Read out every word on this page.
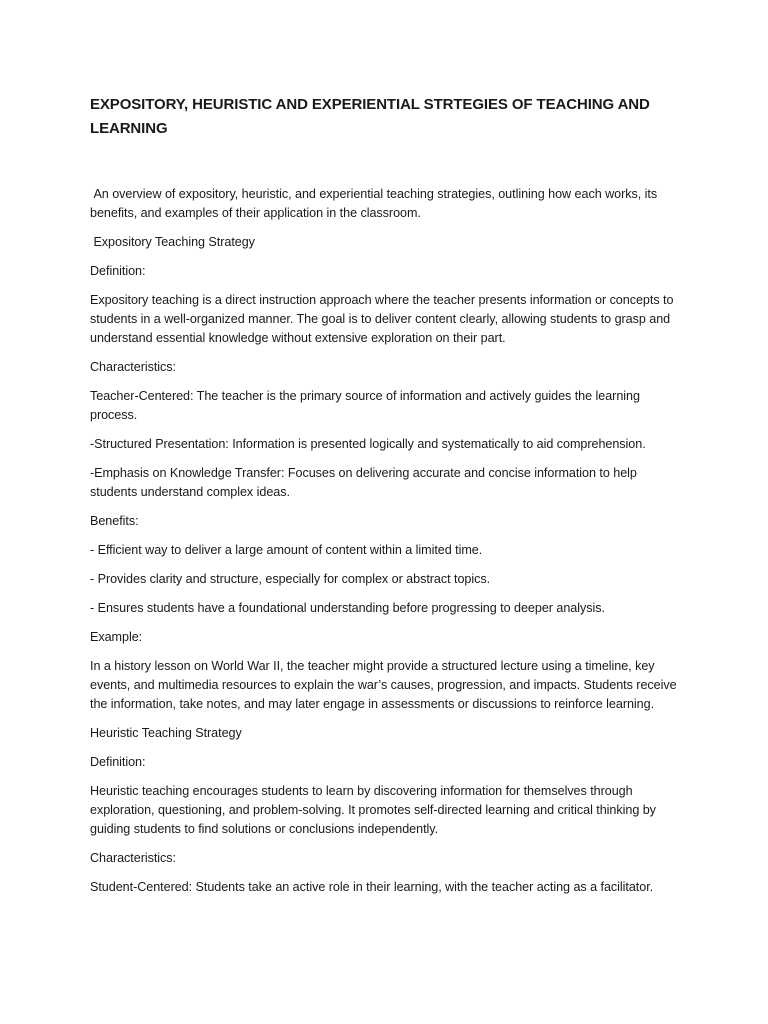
EXPOSITORY, HEURISTIC AND EXPERIENTIAL STRTEGIES OF TEACHING AND LEARNING

An overview of expository, heuristic, and experiential teaching strategies, outlining how each works, its benefits, and examples of their application in the classroom.

Expository Teaching Strategy

Definition:

Expository teaching is a direct instruction approach where the teacher presents information or concepts to students in a well-organized manner. The goal is to deliver content clearly, allowing students to grasp and understand essential knowledge without extensive exploration on their part.

Characteristics:

Teacher-Centered: The teacher is the primary source of information and actively guides the learning process.

-Structured Presentation: Information is presented logically and systematically to aid comprehension.

-Emphasis on Knowledge Transfer: Focuses on delivering accurate and concise information to help students understand complex ideas.

Benefits:

- Efficient way to deliver a large amount of content within a limited time.

- Provides clarity and structure, especially for complex or abstract topics.

- Ensures students have a foundational understanding before progressing to deeper analysis.

Example:

In a history lesson on World War II, the teacher might provide a structured lecture using a timeline, key events, and multimedia resources to explain the war’s causes, progression, and impacts. Students receive the information, take notes, and may later engage in assessments or discussions to reinforce learning.

Heuristic Teaching Strategy

Definition:

Heuristic teaching encourages students to learn by discovering information for themselves through exploration, questioning, and problem-solving. It promotes self-directed learning and critical thinking by guiding students to find solutions or conclusions independently.

Characteristics:

Student-Centered: Students take an active role in their learning, with the teacher acting as a facilitator.
